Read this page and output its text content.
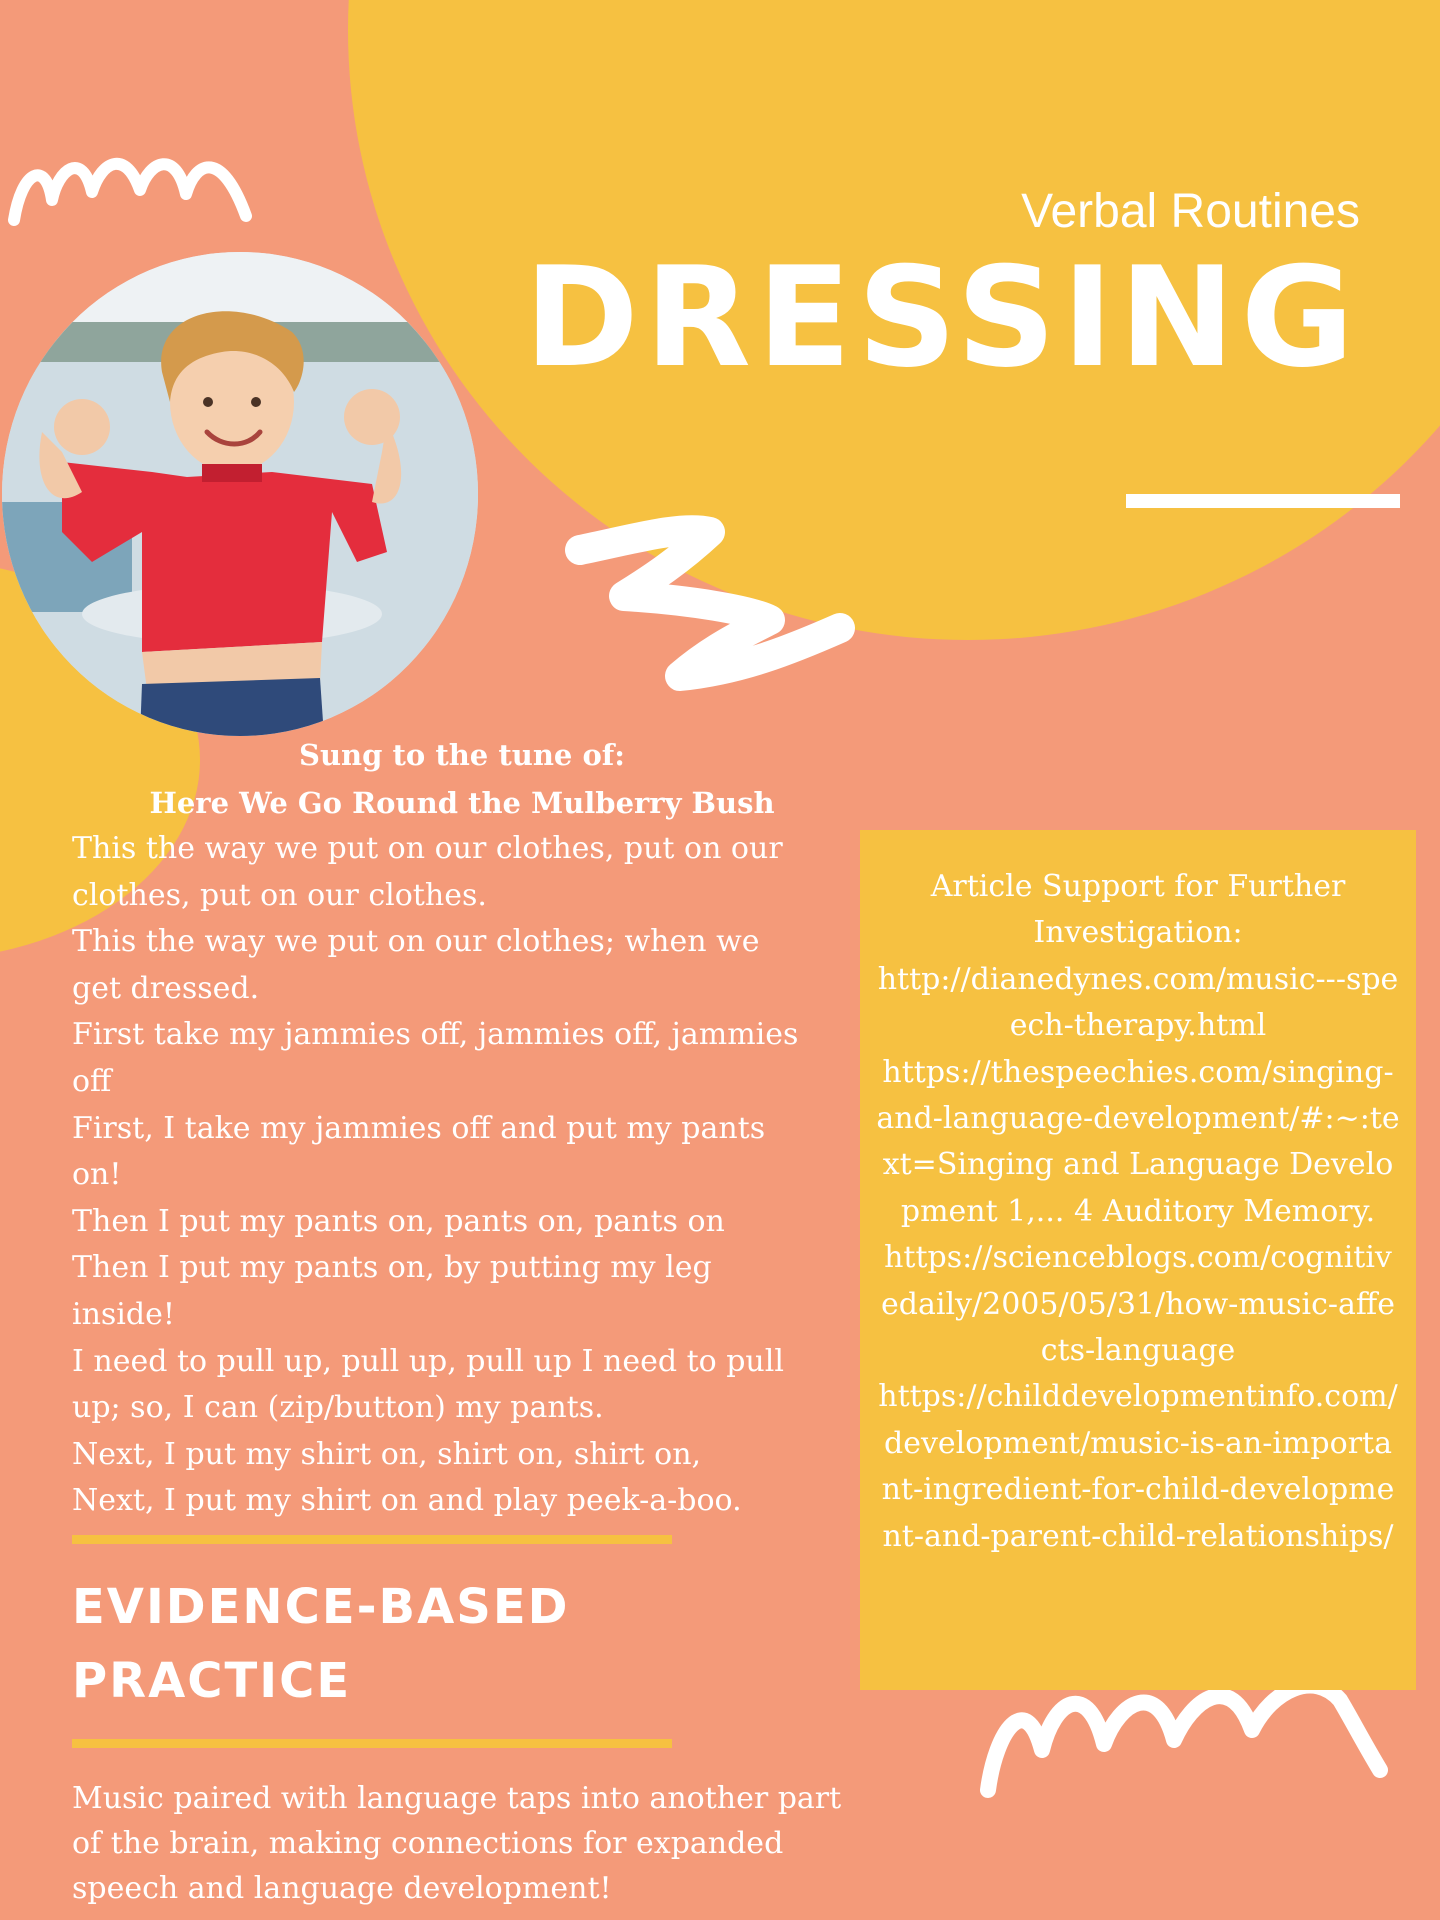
Verbal Routines
DRESSING
Sung to the tune of:
Here We Go Round the Mulberry Bush
This the way we put on our clothes, put on our clothes, put on our clothes.
This the way we put on our clothes; when we get dressed.
First take my jammies off, jammies off, jammies off
First, I take my jammies off and put my pants on!
Then I put my pants on, pants on, pants on
Then I put my pants on, by putting my leg inside!
I need to pull up, pull up, pull up I need to pull up; so, I can (zip/button) my pants.
Next, I put my shirt on, shirt on, shirt on,
Next, I put my shirt on and play peek-a-boo.
EVIDENCE-BASED
PRACTICE
Music paired with language taps into another part of the brain, making connections for expanded speech and language development!
Article Support for Further Investigation:
http://dianedynes.com/music---speech-therapy.html
https://thespeechies.com/singing-and-language-development/#:~:text=Singing and Language Development 1,... 4 Auditory Memory.
https://scienceblogs.com/cognitivedaily/2005/05/31/how-music-affects-language
https://childdevelopmentinfo.com/development/music-is-an-important-ingredient-for-child-development-and-parent-child-relationships/
